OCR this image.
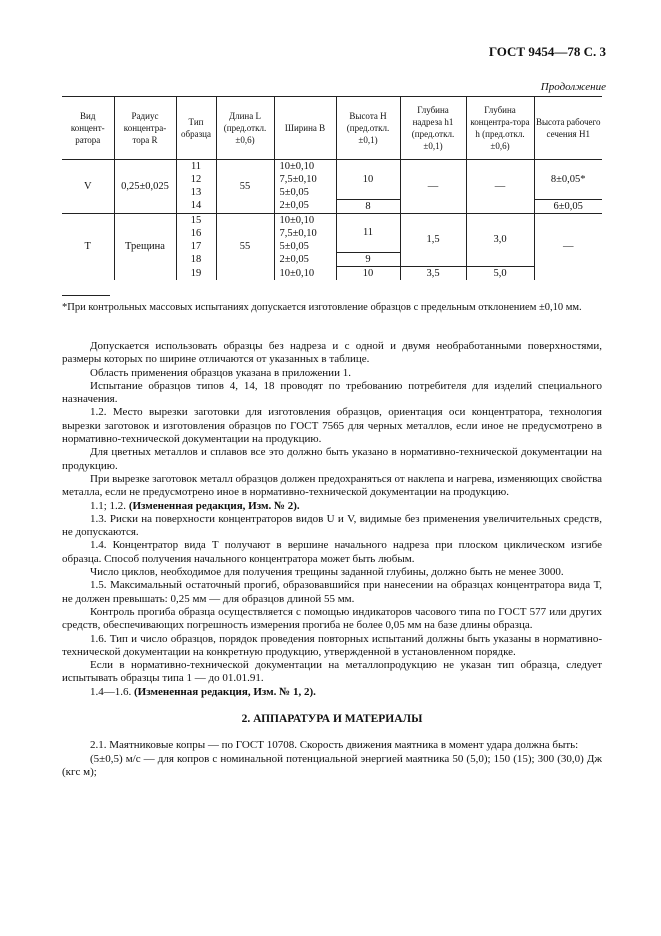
ГОСТ 9454—78 С. 3
Продолжение
Вид концент-ратора	Радиус концентра-тора R	Тип образца	Длина L (пред.откл. ±0,6)	Ширина B	Высота H (пред.откл. ±0,1)	Глубина надреза h1 (пред.откл. ±0,1)	Глубина концентра-тора h (пред.откл. ±0,6)	Высота рабочего сечения H1
V	0,25±0,025	11	55	10±0,10	10	—	—	8±0,05*
		12		7,5±0,10				
		13		5±0,05				
		14		2±0,05	8			6±0,05
Т	Трещина	15	55	10±0,10	11	1,5	3,0	—
		16		7,5±0,10				
		17		5±0,05				
		18		2±0,05	9			
		19		10±0,10	10	3,5	5,0	
*При контрольных массовых испытаниях допускается изготовление образцов с предельным отклонением ±0,10 мм.

Допускается использовать образцы без надреза и с одной и двумя необработанными поверхностями, размеры которых по ширине отличаются от указанных в таблице.

Область применения образцов указана в приложении 1.

Испытание образцов типов 4, 14, 18 проводят по требованию потребителя для изделий специального назначения.

1.2. Место вырезки заготовки для изготовления образцов, ориентация оси концентратора, технология вырезки заготовок и изготовления образцов по ГОСТ 7565 для черных металлов, если иное не предусмотрено в нормативно-технической документации на продукцию.

Для цветных металлов и сплавов все это должно быть указано в нормативно-технической документации на продукцию.

При вырезке заготовок металл образцов должен предохраняться от наклепа и нагрева, изменяющих свойства металла, если не предусмотрено иное в нормативно-технической документации на продукцию.

1.1; 1.2. (Измененная редакция, Изм. № 2).

1.3. Риски на поверхности концентраторов видов U и V, видимые без применения увеличительных средств, не допускаются.

1.4. Концентратор вида Т получают в вершине начального надреза при плоском циклическом изгибе образца. Способ получения начального концентратора может быть любым.

Число циклов, необходимое для получения трещины заданной глубины, должно быть не менее 3000.

1.5. Максимальный остаточный прогиб, образовавшийся при нанесении на образцах концентратора вида Т, не должен превышать: 0,25 мм — для образцов длиной 55 мм.

Контроль прогиба образца осуществляется с помощью индикаторов часового типа по ГОСТ 577 или других средств, обеспечивающих погрешность измерения прогиба не более 0,05 мм на базе длины образца.

1.6. Тип и число образцов, порядок проведения повторных испытаний должны быть указаны в нормативно-технической документации на конкретную продукцию, утвержденной в установленном порядке.

Если в нормативно-технической документации на металлопродукцию не указан тип образца, следует испытывать образцы типа 1 — до 01.01.91.

1.4—1.6. (Измененная редакция, Изм. № 1, 2).

2. АППАРАТУРА И МАТЕРИАЛЫ

2.1. Маятниковые копры — по ГОСТ 10708. Скорость движения маятника в момент удара должна быть:

(5±0,5) м/с — для копров с номинальной потенциальной энергией маятника 50 (5,0); 150 (15); 300 (30,0) Дж (кгс м);
